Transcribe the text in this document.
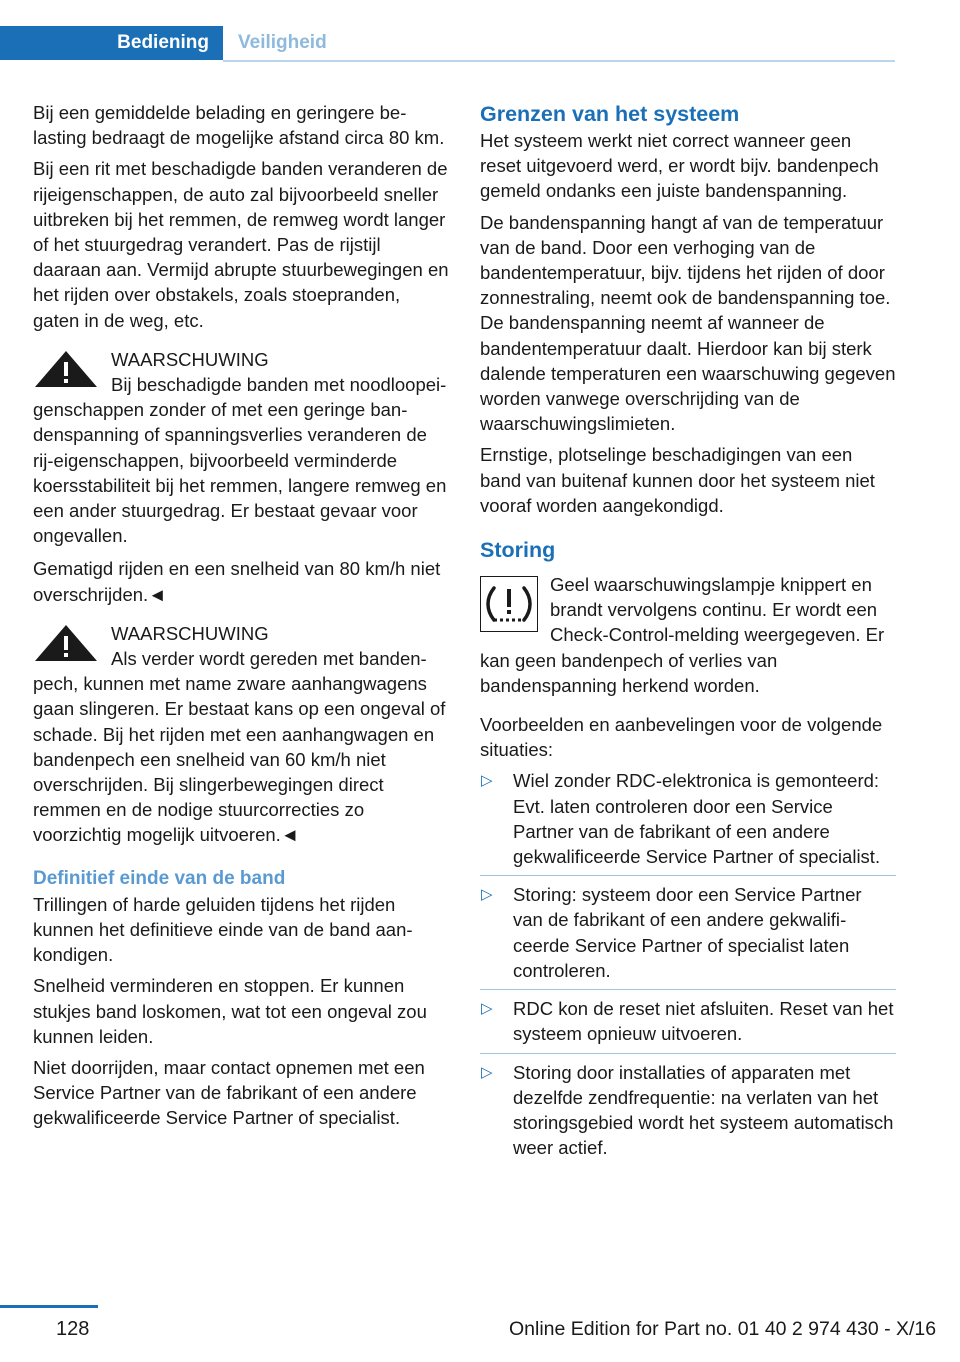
Bediening	Veiligheid

Bij een gemiddelde belading en geringere belasting bedraagt de mogelijke afstand circa 80 km.

Bij een rit met beschadigde banden veranderen de rijeigenschappen, de auto zal bijvoorbeeld sneller uitbreken bij het remmen, de remweg wordt langer of het stuurgedrag verandert. Pas de rijstijl daaraan aan. Vermijd abrupte stuurbewegingen en het rijden over obstakels, zoals stoepranden, gaten in de weg, etc.

WAARSCHUWING
Bij beschadigde banden met noodloopeigenschappen zonder of met een geringe bandenspanning of spanningsverlies veranderen de rij-eigenschappen, bijvoorbeeld verminderde koersstabiliteit bij het remmen, langere remweg en een ander stuurgedrag. Er bestaat gevaar voor ongevallen.

Gematigd rijden en een snelheid van 80 km/h niet overschrijden.◄

WAARSCHUWING
Als verder wordt gereden met bandenpech, kunnen met name zware aanhangwagens gaan slingeren. Er bestaat kans op een ongeval of schade. Bij het rijden met een aanhangwagen en bandenpech een snelheid van 60 km/h niet overschrijden. Bij slingerbewegingen direct remmen en de nodige stuurcorrecties zo voorzichtig mogelijk uitvoeren.◄
Definitief einde van de band

Trillingen of harde geluiden tijdens het rijden kunnen het definitieve einde van de band aankondigen.

Snelheid verminderen en stoppen. Er kunnen stukjes band loskomen, wat tot een ongeval zou kunnen leiden.

Niet doorrijden, maar contact opnemen met een Service Partner van de fabrikant of een andere gekwalificeerde Service Partner of specialist.

Grenzen van het systeem

Het systeem werkt niet correct wanneer geen reset uitgevoerd werd, er wordt bijv. bandenpech gemeld ondanks een juiste bandenspanning.

De bandenspanning hangt af van de temperatuur van de band. Door een verhoging van de bandentemperatuur, bijv. tijdens het rijden of door zonnestraling, neemt ook de bandenspanning toe. De bandenspanning neemt af wanneer de bandentemperatuur daalt. Hierdoor kan bij sterk dalende temperaturen een waarschuwing gegeven worden vanwege overschrijding van de waarschuwingslimieten.

Ernstige, plotselinge beschadigingen van een band van buitenaf kunnen door het systeem niet vooraf worden aangekondigd.

Storing

Geel waarschuwingslampje knippert en brandt vervolgens continu. Er wordt een Check-Control-melding weergegeven. Er kan geen bandenpech of verlies van bandenspanning herkend worden.

Voorbeelden en aanbevelingen voor de volgende situaties:

▷ Wiel zonder RDC-elektronica is gemonteerd: Evt. laten controleren door een Service Partner van de fabrikant of een andere gekwalificeerde Service Partner of specialist.
▷ Storing: systeem door een Service Partner van de fabrikant of een andere gekwalificeerde Service Partner of specialist laten controleren.
▷ RDC kon de reset niet afsluiten. Reset van het systeem opnieuw uitvoeren.
▷ Storing door installaties of apparaten met dezelfde zendfrequentie: na verlaten van het storingsgebied wordt het systeem automatisch weer actief.
128	Online Edition for Part no. 01 40 2 974 430 - X/16
